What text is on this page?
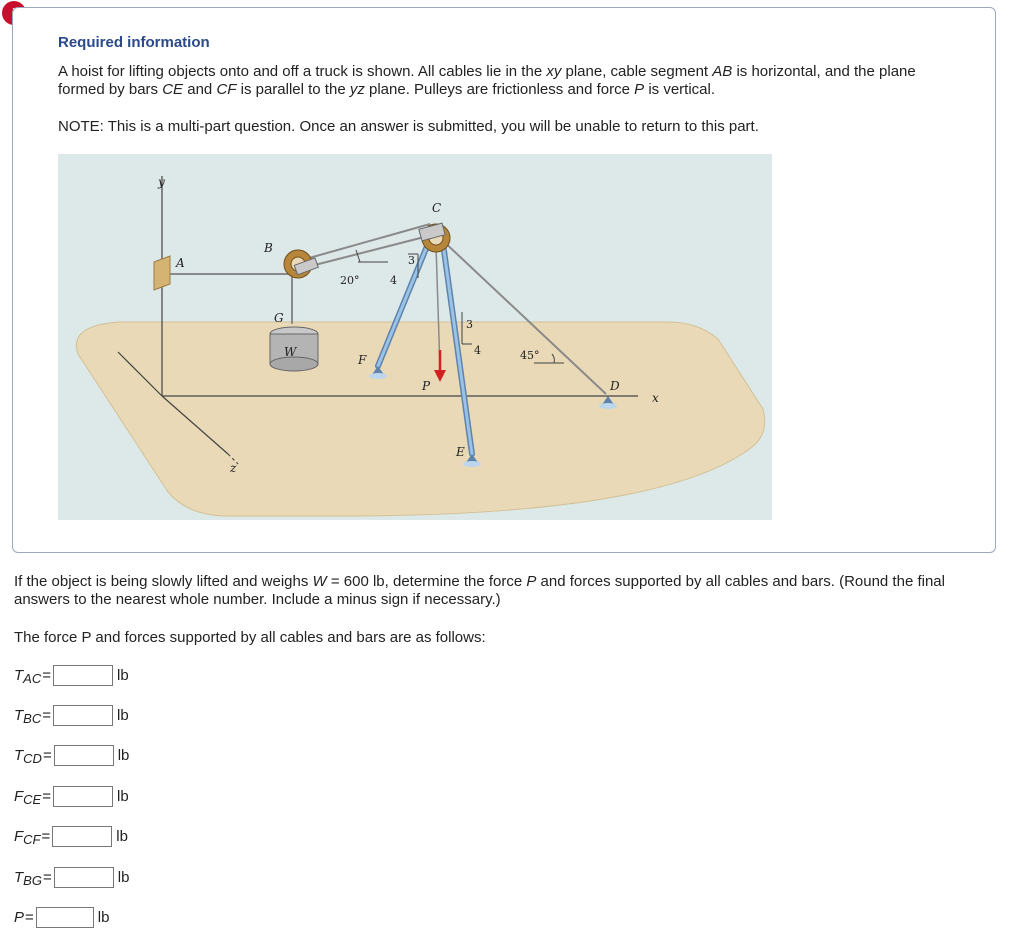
Required information
A hoist for lifting objects onto and off a truck is shown. All cables lie in the xy plane, cable segment AB is horizontal, and the plane formed by bars CE and CF is parallel to the yz plane. Pulleys are frictionless and force P is vertical.
NOTE: This is a multi-part question. Once an answer is submitted, you will be unable to return to this part.
y
A
B
C
G
W
F
P
E
D
x
z
20°
45°
3
4
3
4
If the object is being slowly lifted and weighs W = 600 lb, determine the force P and forces supported by all cables and bars. (Round the final answers to the nearest whole number. Include a minus sign if necessary.)
The force P and forces supported by all cables and bars are as follows:
T AC =	lb
T BC =	lb
T CD =	lb
F CE =	lb
F CF =	lb
T BG =	lb
P =	lb
